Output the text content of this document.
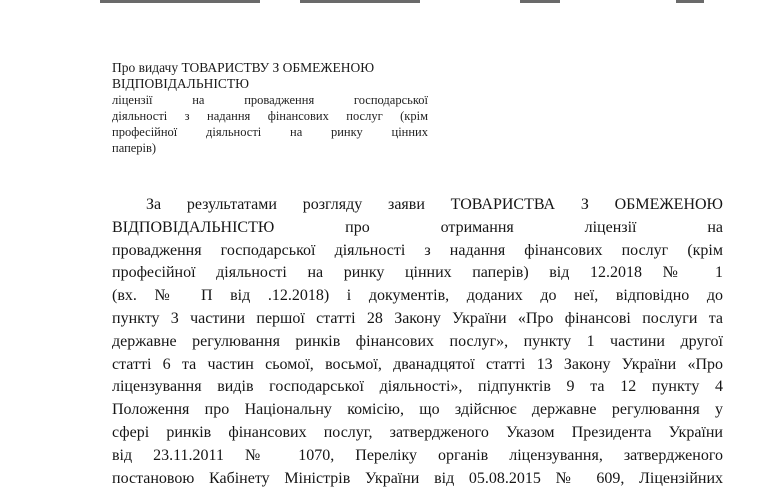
Про видачу ТОВАРИСТВУ З ОБМЕЖЕНОЮ
ВІДПОВІДАЛЬНІСТЮ
ліцензії на провадження господарської
діяльності з надання фінансових послуг (крім
професійної діяльності на ринку цінних
паперів)
За результатами розгляду заяви ТОВАРИСТВА З ОБМЕЖЕНОЮ
ВІДПОВІДАЛЬНІСТЮ про отримання ліцензії на
провадження господарської діяльності з надання фінансових послуг (крім
професійної діяльності на ринку цінних паперів) від 12.2018 № 1
(вх. № П від .12.2018) і документів, доданих до неї, відповідно до
пункту 3 частини першої статті 28 Закону України «Про фінансові послуги та
державне регулювання ринків фінансових послуг», пункту 1 частини другої
статті 6 та частин сьомої, восьмої, дванадцятої статті 13 Закону України «Про
ліцензування видів господарської діяльності», підпунктів 9 та 12 пункту 4
Положення про Національну комісію, що здійснює державне регулювання у
сфері ринків фінансових послуг, затвердженого Указом Президента України
від 23.11.2011 № 1070, Переліку органів ліцензування, затвердженого
постановою Кабінету Міністрів України від 05.08.2015 № 609, Ліцензійних
